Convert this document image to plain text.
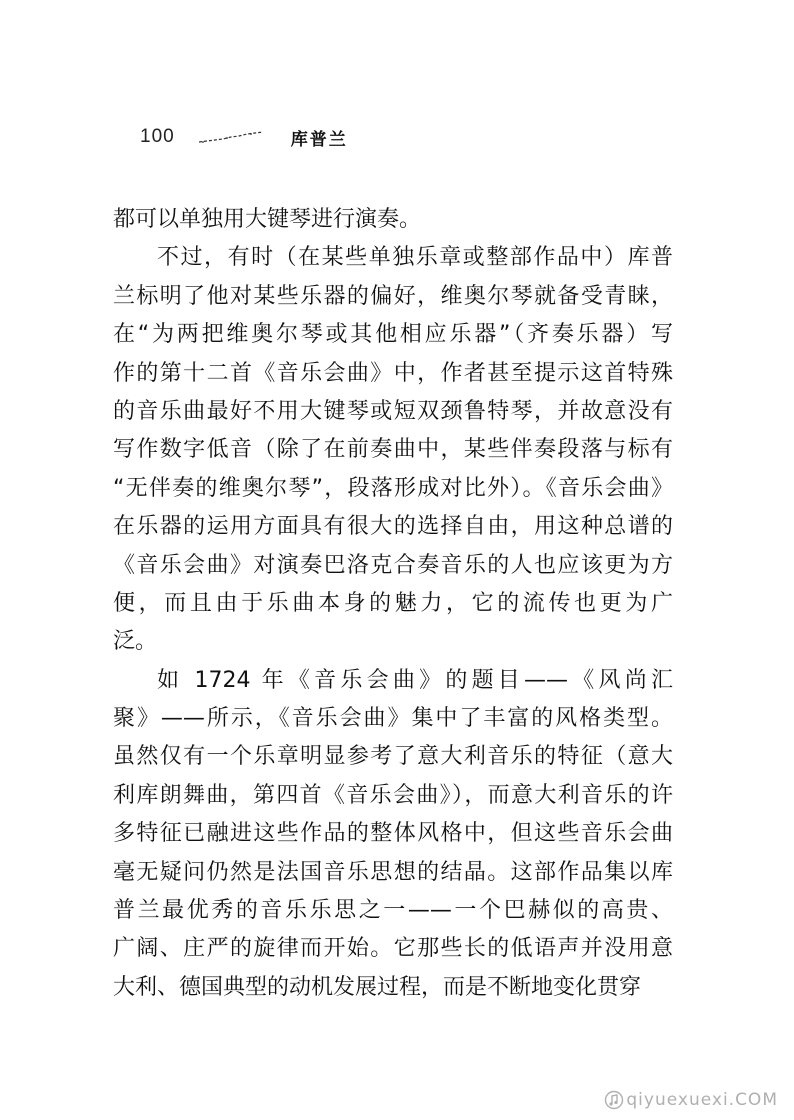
100	库普兰
都可以单独用大键琴进行演奏。
不过，有时（在某些单独乐章或整部作品中）库普
兰标明了他对某些乐器的偏好，维奥尔琴就备受青睐，
在“为两把维奥尔琴或其他相应乐器”（齐奏乐器）写
作的第十二首《音乐会曲》中，作者甚至提示这首特殊
的音乐曲最好不用大键琴或短双颈鲁特琴，并故意没有
写作数字低音（除了在前奏曲中，某些伴奏段落与标有
“无伴奏的维奥尔琴”，段落形成对比外）。《音乐会曲》
在乐器的运用方面具有很大的选择自由，用这种总谱的
《音乐会曲》对演奏巴洛克合奏音乐的人也应该更为方
便，而且由于乐曲本身的魅力，它的流传也更为广
泛。
如 1724 年《音乐会曲》的题目——《风尚汇
聚》——所示，《音乐会曲》集中了丰富的风格类型。
虽然仅有一个乐章明显参考了意大利音乐的特征（意大
利库朗舞曲，第四首《音乐会曲》），而意大利音乐的许
多特征已融进这些作品的整体风格中，但这些音乐会曲
毫无疑问仍然是法国音乐思想的结晶。这部作品集以库
普兰最优秀的音乐乐思之一——一个巴赫似的高贵、
广阔、庄严的旋律而开始。它那些长的低语声并没用意
大利、德国典型的动机发展过程，而是不断地变化贯穿
qiyuexuexi.COM
